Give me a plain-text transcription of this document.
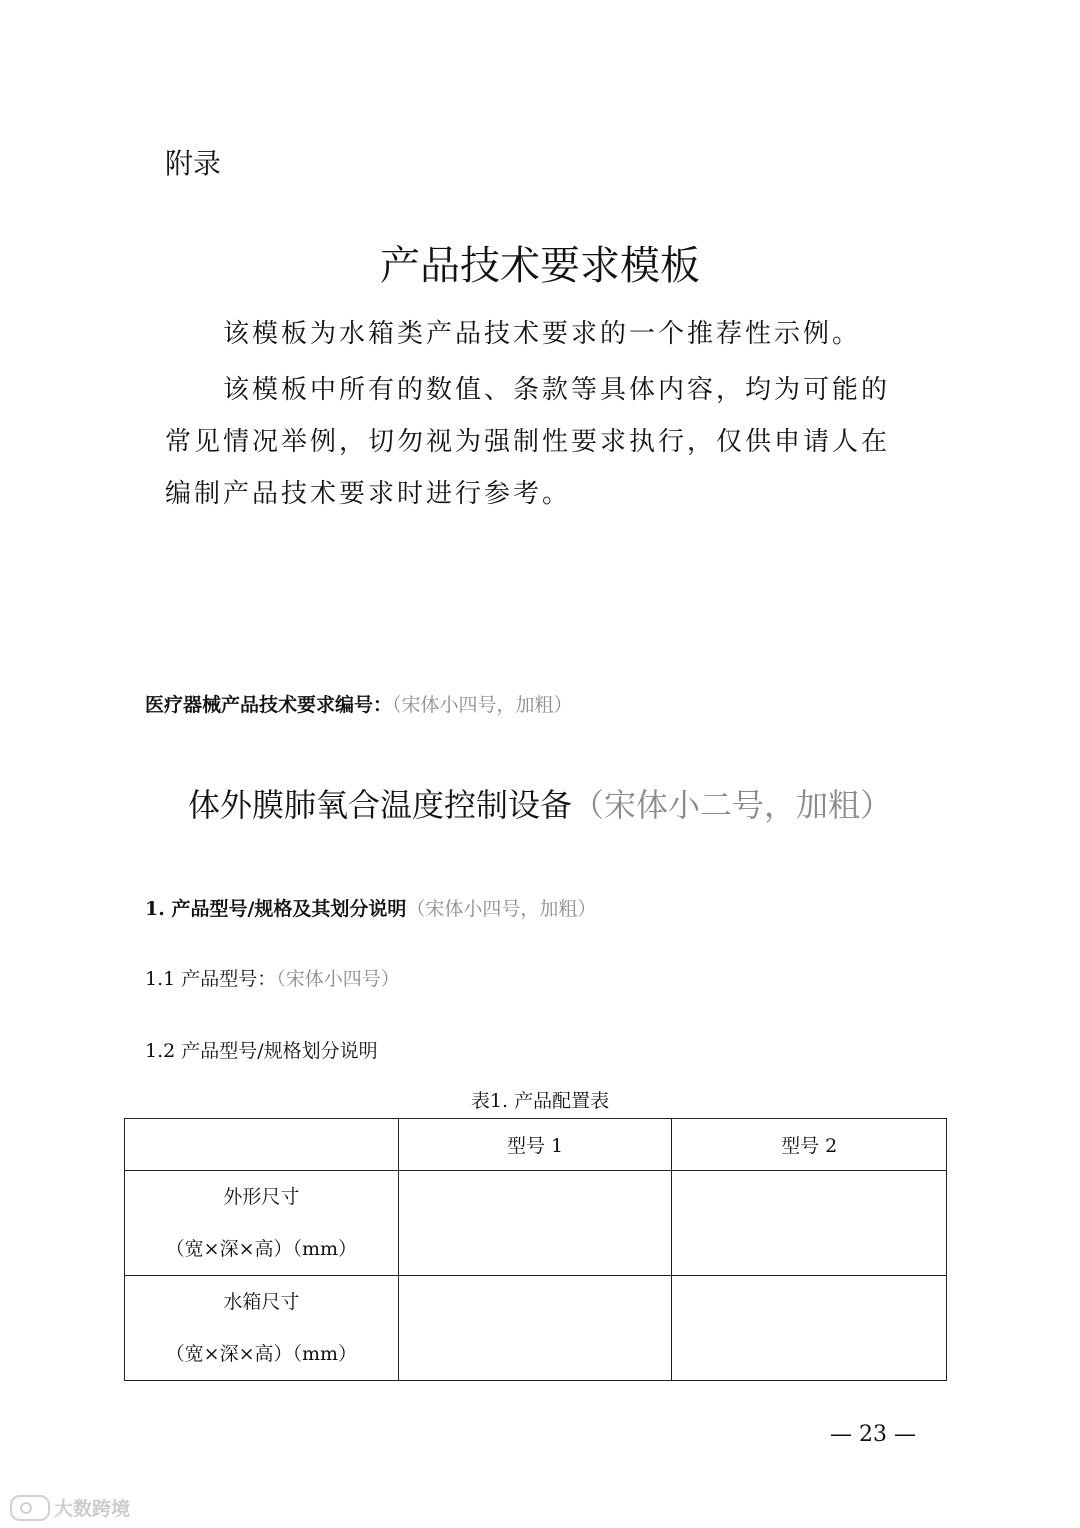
附录
产品技术要求模板
该模板为水箱类产品技术要求的一个推荐性示例。
该模板中所有的数值、条款等具体内容，均为可能的常见情况举例，切勿视为强制性要求执行，仅供申请人在编制产品技术要求时进行参考。
医疗器械产品技术要求编号：（宋体小四号，加粗）
体外膜肺氧合温度控制设备（宋体小二号，加粗）
1. 产品型号/规格及其划分说明（宋体小四号，加粗）
1.1 产品型号：（宋体小四号）
1.2 产品型号/规格划分说明
表1. 产品配置表
	型号 1	型号 2

外形尺寸
（宽×深×高）（mm）		

水箱尺寸
（宽×深×高）（mm）		

— 23 —
大数跨境
